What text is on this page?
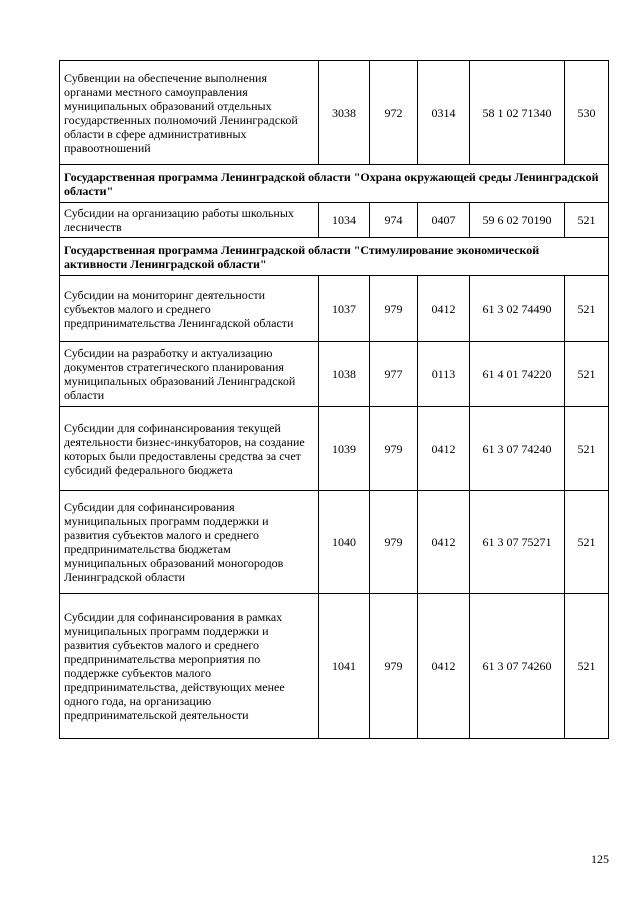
Субвенции на обеспечение выполнения органами местного самоуправления муниципальных образований отдельных государственных полномочий Ленинградской области в сфере административных правоотношений	3038	972	0314	58 1 02 71340	530
Государственная программа Ленинградской области "Охрана окружающей среды Ленинградской области"					
Субсидии на организацию работы школьных лесничеств	1034	974	0407	59 6 02 70190	521
Государственная программа Ленинградской области "Стимулирование экономической активности Ленинградской области"					
Субсидии на мониторинг деятельности субъектов малого и среднего предпринимательства Ленингадской области	1037	979	0412	61 3 02 74490	521
Субсидии на разработку и актуализацию документов стратегического планирования муниципальных образований Ленинградской области	1038	977	0113	61 4 01 74220	521
Субсидии для софинансирования текущей деятельности бизнес-инкубаторов, на создание которых были предоставлены средства за счет субсидий федерального бюджета	1039	979	0412	61 3 07 74240	521
Субсидии для софинансирования муниципальных программ поддержки и развития субъектов малого и среднего предпринимательства бюджетам муниципальных образований моногородов Ленинградской области	1040	979	0412	61 3 07 75271	521
Субсидии для софинансирования в рамках муниципальных программ поддержки и развития субъектов малого и среднего предпринимательства мероприятия по поддержке субъектов малого предпринимательства, действующих менее одного года, на организацию предпринимательской деятельности	1041	979	0412	61 3 07 74260	521
125
